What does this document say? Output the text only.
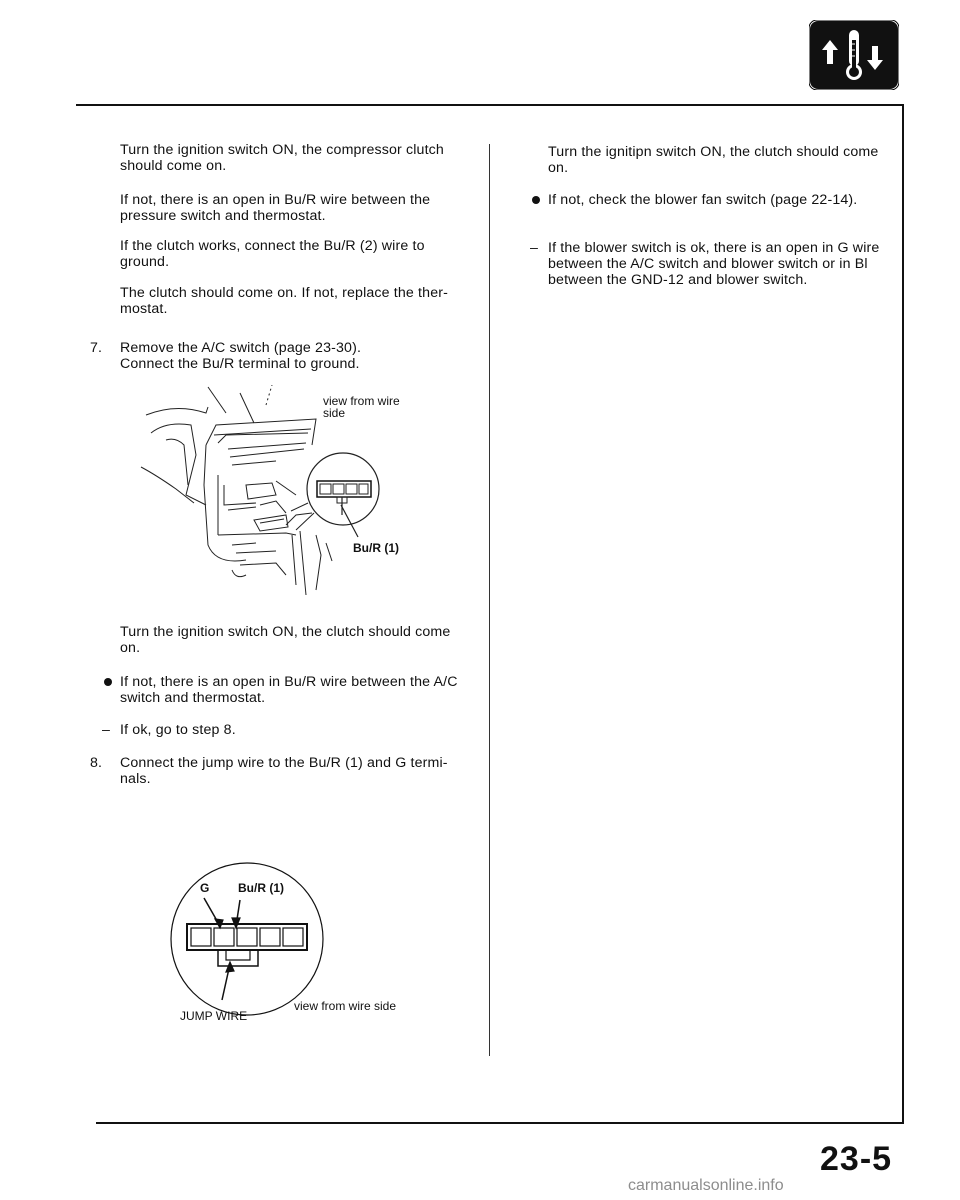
Turn the ignition switch ON, the compressor clutch should come on.

If not, there is an open in Bu/R wire between the pressure switch and thermostat.

If the clutch works, connect the Bu/R (2) wire to ground.

The clutch should come on. If not, replace the ther-mostat.

7. Remove the A/C switch (page 23-30).

Connect the Bu/R terminal to ground.

view from wire side
Bu/R (1)

Turn the ignition switch ON, the clutch should come on.

If not, there is an open in Bu/R wire between the A/C switch and thermostat.

– If ok, go to step 8.

8. Connect the jump wire to the Bu/R (1) and G termi-nals.

G Bu/R (1)
JUMP WIRE
view from wire side

Turn the ignitipn switch ON, the clutch should come on.

If not, check the blower fan switch (page 22-14).

– If the blower switch is ok, there is an open in G wire between the A/C switch and blower switch or in Bl between the GND-12 and blower switch.

23-5
carmanualsonline.info
